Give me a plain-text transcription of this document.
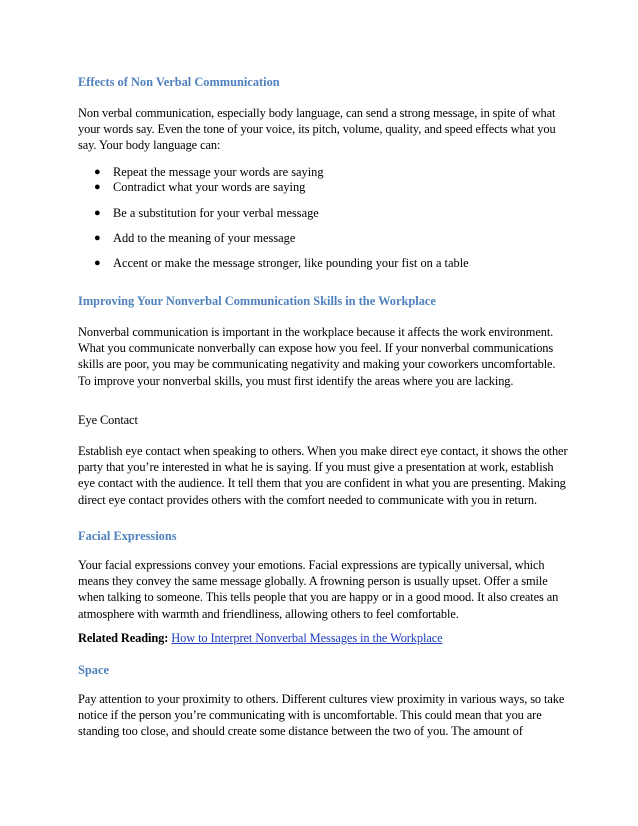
Effects of Non Verbal Communication

Non verbal communication, especially body language, can send a strong message, in spite of what your words say. Even the tone of your voice, its pitch, volume, quality, and speed effects what you say. Your body language can:

● Repeat the message your words are saying
● Contradict what your words are saying
● Be a substitution for your verbal message
● Add to the meaning of your message
● Accent or make the message stronger, like pounding your fist on a table
Improving Your Nonverbal Communication Skills in the Workplace

Nonverbal communication is important in the workplace because it affects the work environment. What you communicate nonverbally can expose how you feel. If your nonverbal communications skills are poor, you may be communicating negativity and making your coworkers uncomfortable. To improve your nonverbal skills, you must first identify the areas where you are lacking.

Eye Contact

Establish eye contact when speaking to others. When you make direct eye contact, it shows the other party that you’re interested in what he is saying. If you must give a presentation at work, establish eye contact with the audience. It tell them that you are confident in what you are presenting. Making direct eye contact provides others with the comfort needed to communicate with you in return.

Facial Expressions

Your facial expressions convey your emotions. Facial expressions are typically universal, which means they convey the same message globally. A frowning person is usually upset. Offer a smile when talking to someone. This tells people that you are happy or in a good mood. It also creates an atmosphere with warmth and friendliness, allowing others to feel comfortable.

Related Reading: How to Interpret Nonverbal Messages in the Workplace

Space

Pay attention to your proximity to others. Different cultures view proximity in various ways, so take notice if the person you’re communicating with is uncomfortable. This could mean that you are standing too close, and should create some distance between the two of you. The amount of
